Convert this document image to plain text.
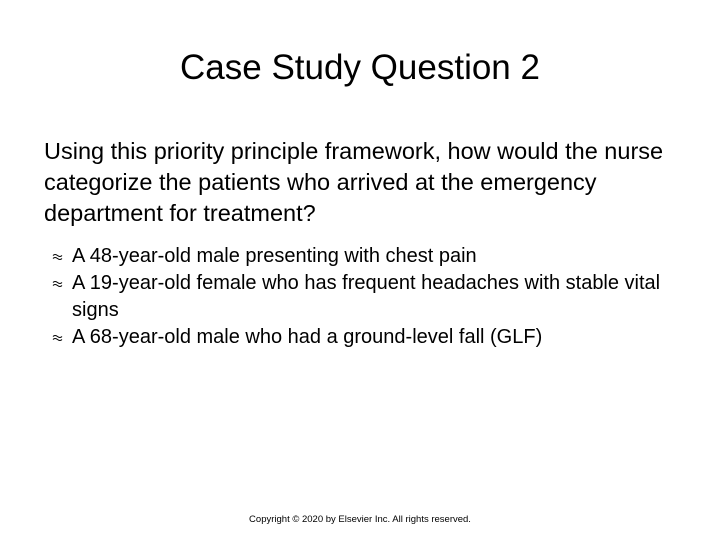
Case Study Question 2
Using this priority principle framework, how would the nurse categorize the patients who arrived at the emergency department for treatment?
A 48-year-old male presenting with chest pain
A 19-year-old female who has frequent headaches with stable vital signs
A 68-year-old male who had a ground-level fall (GLF)
Copyright © 2020 by Elsevier Inc. All rights reserved.
